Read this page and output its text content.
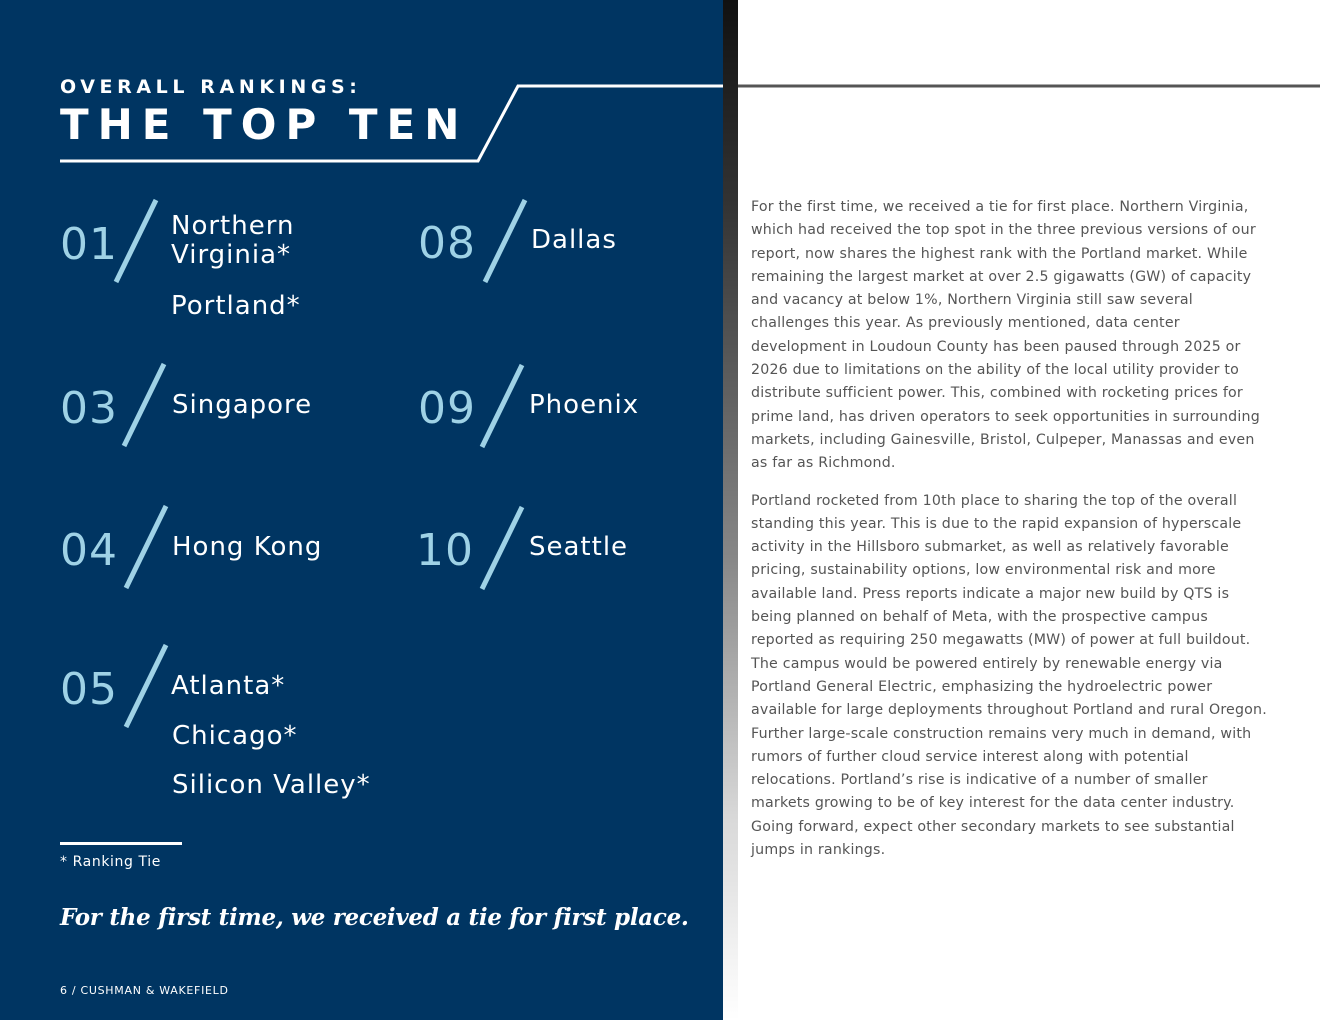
OVERALL RANKINGS:
THE TOP TEN
01 Northern
Virginia*
Portland*
03 Singapore
04 Hong Kong
05 Atlanta*
Chicago*
Silicon Valley*
08 Dallas
09 Phoenix
10 Seattle
* Ranking Tie
For the first time, we received a tie for first place.
6 / CUSHMAN & WAKEFIELD

For the first time, we received a tie for first place. Northern Virginia, which had received the top spot in the three previous versions of our report, now shares the highest rank with the Portland market. While remaining the largest market at over 2.5 gigawatts (GW) of capacity and vacancy at below 1%, Northern Virginia still saw several challenges this year. As previously mentioned, data center development in Loudoun County has been paused through 2025 or 2026 due to limitations on the ability of the local utility provider to distribute sufficient power. This, combined with rocketing prices for prime land, has driven operators to seek opportunities in surrounding markets, including Gainesville, Bristol, Culpeper, Manassas and even as far as Richmond.

Portland rocketed from 10th place to sharing the top of the overall standing this year. This is due to the rapid expansion of hyperscale activity in the Hillsboro submarket, as well as relatively favorable pricing, sustainability options, low environmental risk and more available land. Press reports indicate a major new build by QTS is being planned on behalf of Meta, with the prospective campus reported as requiring 250 megawatts (MW) of power at full buildout. The campus would be powered entirely by renewable energy via Portland General Electric, emphasizing the hydroelectric power available for large deployments throughout Portland and rural Oregon. Further large-scale construction remains very much in demand, with rumors of further cloud service interest along with potential relocations. Portland’s rise is indicative of a number of smaller markets growing to be of key interest for the data center industry. Going forward, expect other secondary markets to see substantial jumps in rankings.
